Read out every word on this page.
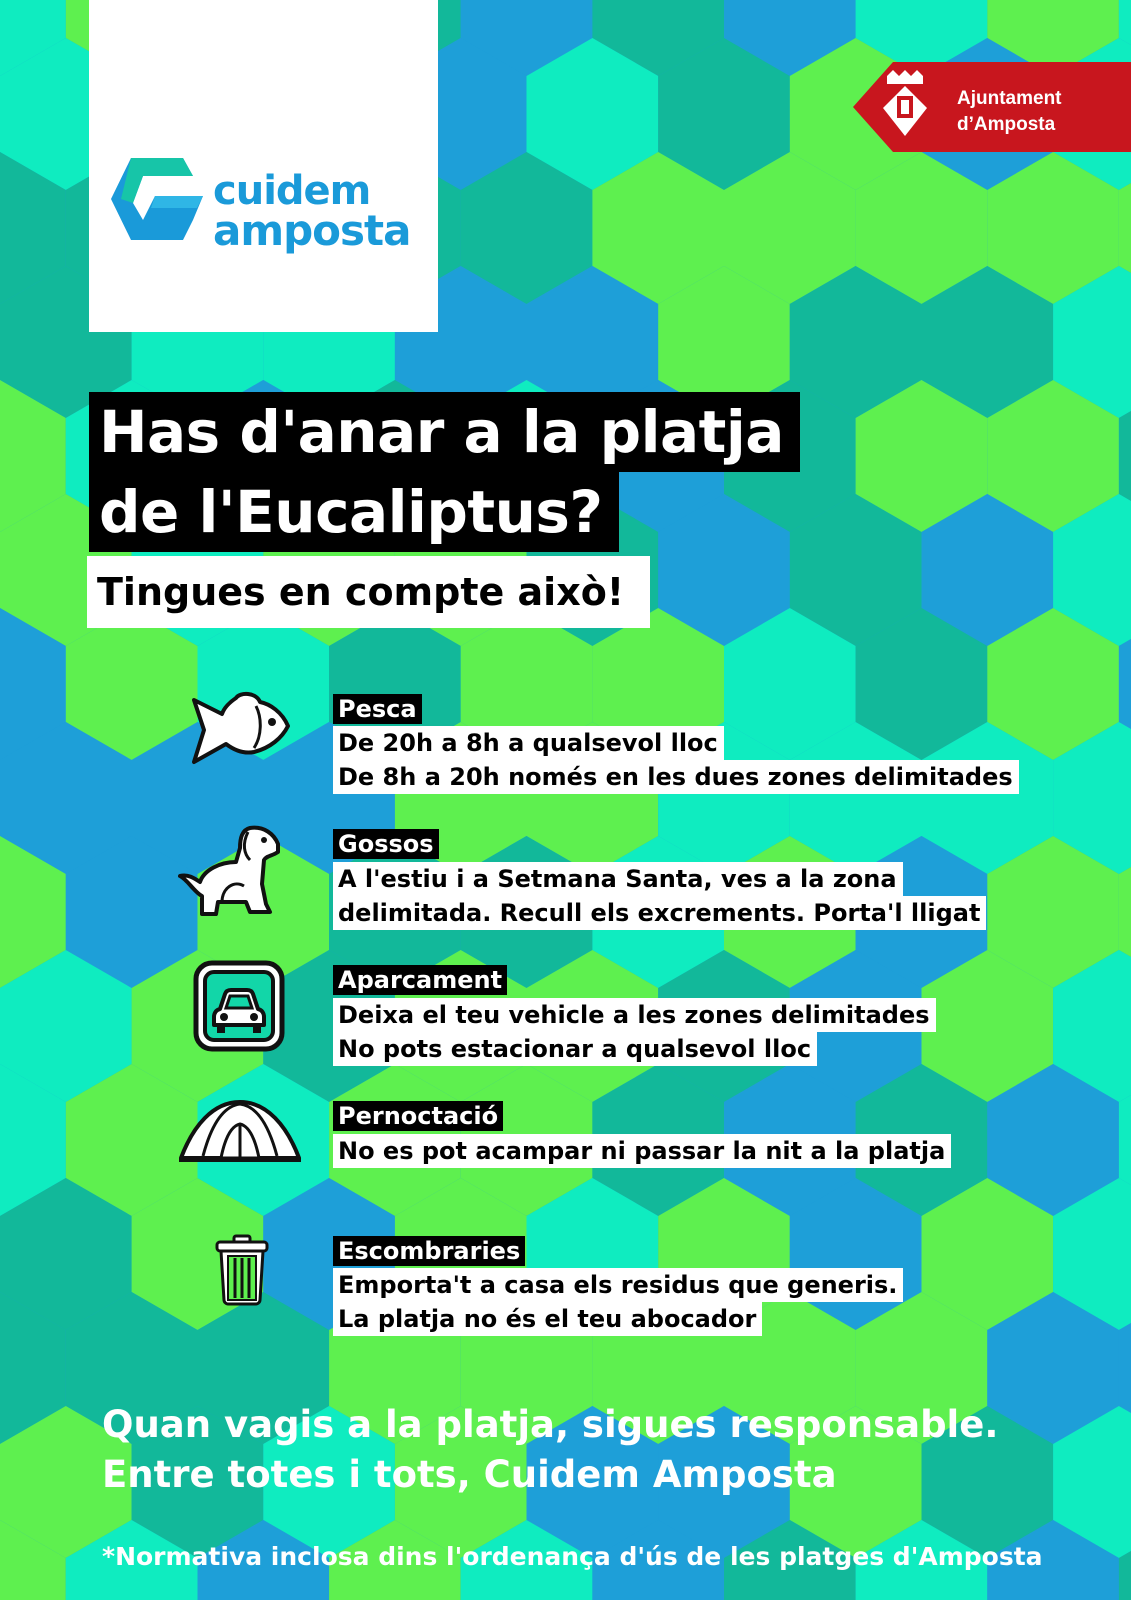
cuidem
amposta
Ajuntament
d’Amposta
Has d'anar a la platja
de l'Eucaliptus?
Tingues en compte això!
Pesca
De 20h a 8h a qualsevol lloc
De 8h a 20h només en les dues zones delimitades
Gossos
A l'estiu i a Setmana Santa, ves a la zona
delimitada. Recull els excrements. Porta'l lligat
Aparcament
Deixa el teu vehicle a les zones delimitades
No pots estacionar a qualsevol lloc
Pernoctació
No es pot acampar ni passar la nit a la platja
Escombraries
Emporta't a casa els residus que generis.
La platja no és el teu abocador
Quan vagis a la platja, sigues responsable.
Entre totes i tots, Cuidem Amposta
*Normativa inclosa dins l'ordenança d'ús de les platges d'Amposta
